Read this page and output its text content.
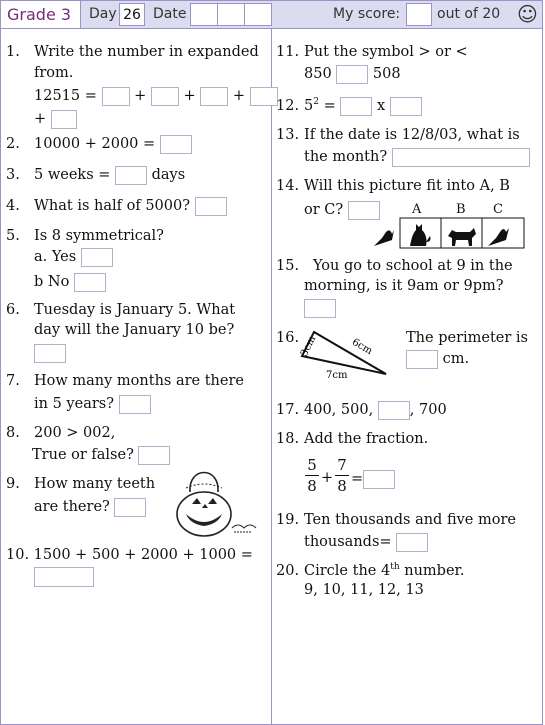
Grade 3	Day 26 Date	My score:	out of 20 ☺
1. Write the number in expanded
from.
12515 =	+	+	+
+
2. 10000 + 2000 =
3. 5 weeks =	days
4. What is half of 5000?
5. Is 8 symmetrical?
a. Yes
b No
6. Tuesday is January 5. What
day will the January 10 be?
7. How many months are there
in 5 years?
8. 200 > 002,
True or false?
9. How many teeth
are there?
10. 1500 + 500 + 2000 + 1000 =
11. Put the symbol > or <
850	508
12. $5^2$ =	x
13. If the date is 12/8/03, what is
the month?
14. Will this picture fit into A, B
or C?	A	B C
15. You go to school at 9 in the
morning, is it 9am or 9pm?
16. 3cm	6cm
7cm
The perimeter is
cm.
17. 400, 500,	, 700
18. Add the fraction.
5
8 +
7
8 =
19. Ten thousands and five more
thousands=
20. Circle the 4th number.
9, 10, 11, 12, 13
